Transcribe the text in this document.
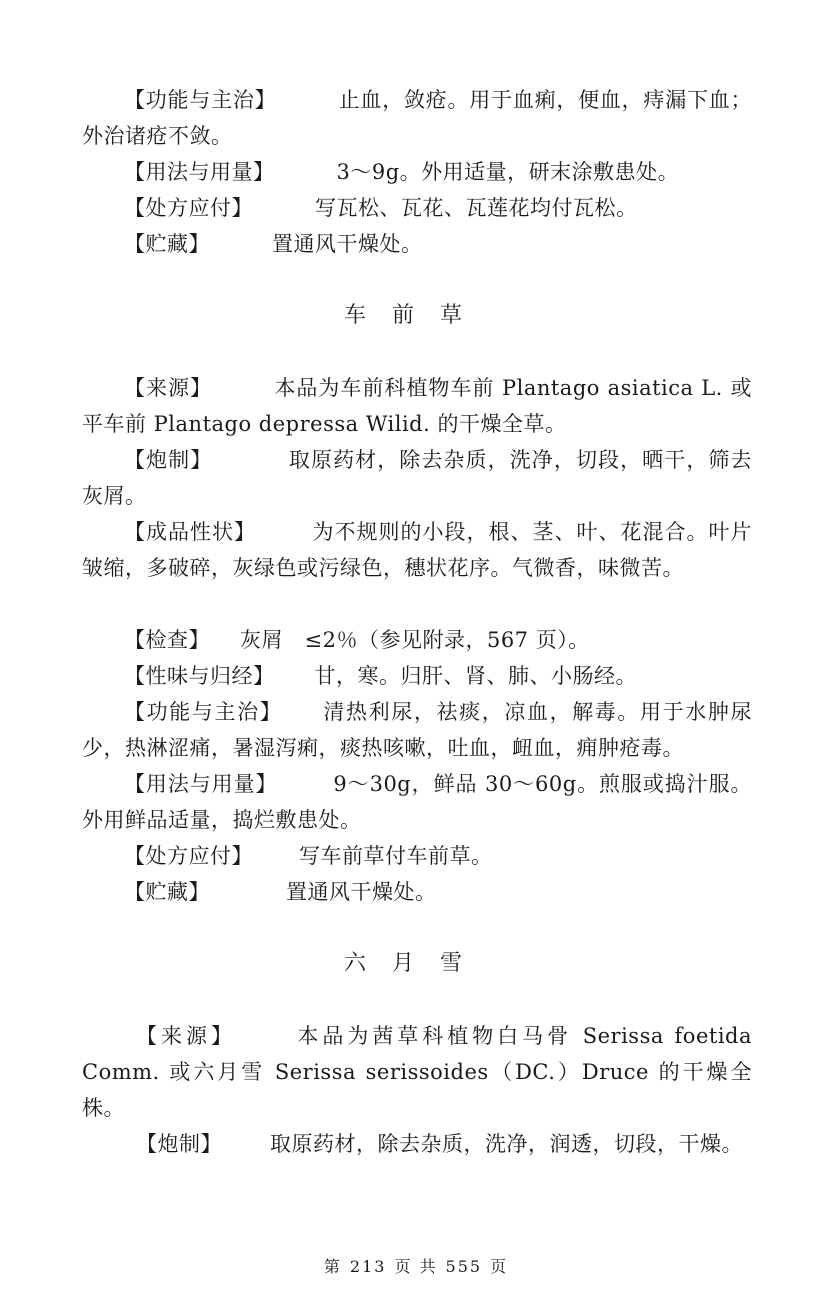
【功能与主治】	止血，敛疮。用于血痢，便血，痔漏下血；外治诸疮不敛。

【用法与用量】	3～9g。外用适量，研末涂敷患处。

【处方应付】	写瓦松、瓦花、瓦莲花均付瓦松。

【贮藏】	置通风干燥处。

车前草

【来源】	本品为车前科植物车前 Plantago asiatica L. 或平车前 Plantago depressa Wilid. 的干燥全草。

【炮制】	取原药材，除去杂质，洗净，切段，晒干，筛去灰屑。

【成品性状】	为不规则的小段，根、茎、叶、花混合。叶片皱缩，多破碎，灰绿色或污绿色，穗状花序。气微香，味微苦。

【检查】 灰屑　≤2％（参见附录，567 页）。

【性味与归经】 甘，寒。归肝、肾、肺、小肠经。

【功能与主治】 清热利尿，祛痰，凉血，解毒。用于水肿尿少，热淋涩痛，暑湿泻痢，痰热咳嗽，吐血，衄血，痈肿疮毒。

【用法与用量】	9～30g，鲜品 30～60g。煎服或捣汁服。外用鲜品适量，捣烂敷患处。

【处方应付】 写车前草付车前草。

【贮藏】	置通风干燥处。

六月雪

【来源】	本品为茜草科植物白马骨 Serissa foetida Comm. 或六月雪 Serissa serissoides（DC.）Druce 的干燥全株。

【炮制】 取原药材，除去杂质，洗净，润透，切段，干燥。

第 213 页 共 555 页
